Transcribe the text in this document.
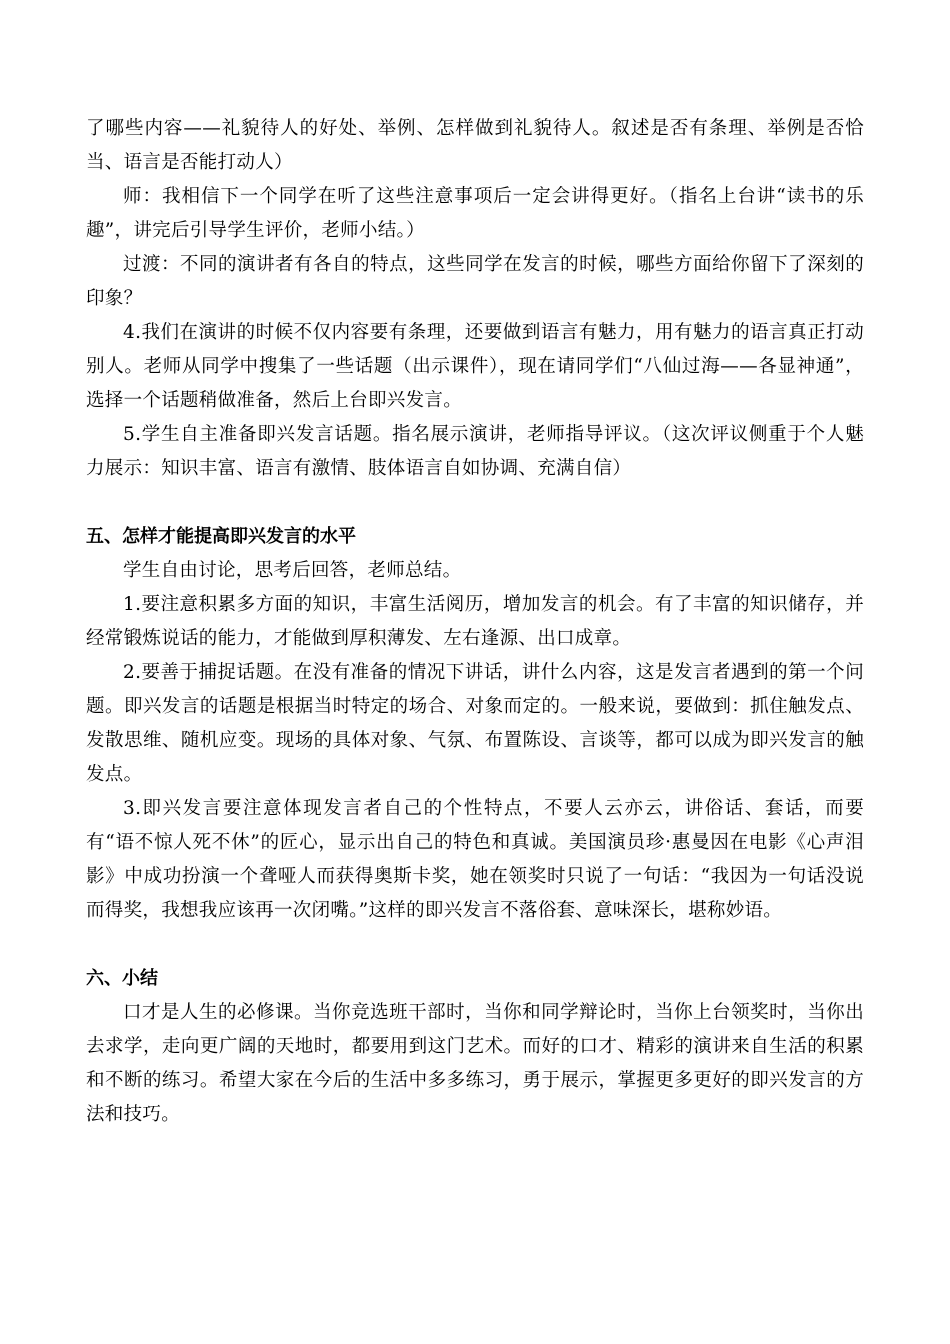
了哪些内容——礼貌待人的好处、举例、怎样做到礼貌待人。叙述是否有条理、举例是否恰当、语言是否能打动人）

师：我相信下一个同学在听了这些注意事项后一定会讲得更好。（指名上台讲“读书的乐趣”，讲完后引导学生评价，老师小结。）

过渡：不同的演讲者有各自的特点，这些同学在发言的时候，哪些方面给你留下了深刻的印象？

4.我们在演讲的时候不仅内容要有条理，还要做到语言有魅力，用有魅力的语言真正打动别人。老师从同学中搜集了一些话题（出示课件），现在请同学们“八仙过海——各显神通”，选择一个话题稍做准备，然后上台即兴发言。

5.学生自主准备即兴发言话题。指名展示演讲，老师指导评议。（这次评议侧重于个人魅力展示：知识丰富、语言有激情、肢体语言自如协调、充满自信）

五、怎样才能提高即兴发言的水平

学生自由讨论，思考后回答，老师总结。

1.要注意积累多方面的知识，丰富生活阅历，增加发言的机会。有了丰富的知识储存，并经常锻炼说话的能力，才能做到厚积薄发、左右逢源、出口成章。

2.要善于捕捉话题。在没有准备的情况下讲话，讲什么内容，这是发言者遇到的第一个问题。即兴发言的话题是根据当时特定的场合、对象而定的。一般来说，要做到：抓住触发点、发散思维、随机应变。现场的具体对象、气氛、布置陈设、言谈等，都可以成为即兴发言的触发点。

3.即兴发言要注意体现发言者自己的个性特点，不要人云亦云，讲俗话、套话，而要有“语不惊人死不休”的匠心，显示出自己的特色和真诚。美国演员珍·惠曼因在电影《心声泪影》中成功扮演一个聋哑人而获得奥斯卡奖，她在领奖时只说了一句话：“我因为一句话没说而得奖，我想我应该再一次闭嘴。”这样的即兴发言不落俗套、意味深长，堪称妙语。

六、小结

口才是人生的必修课。当你竞选班干部时，当你和同学辩论时，当你上台领奖时，当你出去求学，走向更广阔的天地时，都要用到这门艺术。而好的口才、精彩的演讲来自生活的积累和不断的练习。希望大家在今后的生活中多多练习，勇于展示，掌握更多更好的即兴发言的方法和技巧。
